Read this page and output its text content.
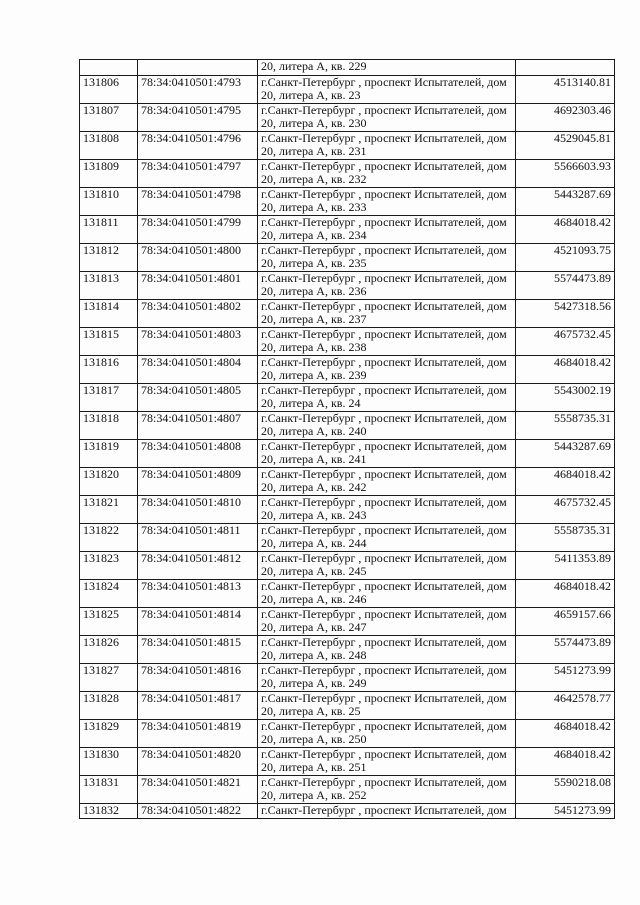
		20, литера А, кв. 229	
131806	78:34:0410501:4793	г.Санкт-Петербург , проспект Испытателей, дом
20, литера А, кв. 23	4513140.81
131807	78:34:0410501:4795	г.Санкт-Петербург , проспект Испытателей, дом
20, литера А, кв. 230	4692303.46
131808	78:34:0410501:4796	г.Санкт-Петербург , проспект Испытателей, дом
20, литера А, кв. 231	4529045.81
131809	78:34:0410501:4797	г.Санкт-Петербург , проспект Испытателей, дом
20, литера А, кв. 232	5566603.93
131810	78:34:0410501:4798	г.Санкт-Петербург , проспект Испытателей, дом
20, литера А, кв. 233	5443287.69
131811	78:34:0410501:4799	г.Санкт-Петербург , проспект Испытателей, дом
20, литера А, кв. 234	4684018.42
131812	78:34:0410501:4800	г.Санкт-Петербург , проспект Испытателей, дом
20, литера А, кв. 235	4521093.75
131813	78:34:0410501:4801	г.Санкт-Петербург , проспект Испытателей, дом
20, литера А, кв. 236	5574473.89
131814	78:34:0410501:4802	г.Санкт-Петербург , проспект Испытателей, дом
20, литера А, кв. 237	5427318.56
131815	78:34:0410501:4803	г.Санкт-Петербург , проспект Испытателей, дом
20, литера А, кв. 238	4675732.45
131816	78:34:0410501:4804	г.Санкт-Петербург , проспект Испытателей, дом
20, литера А, кв. 239	4684018.42
131817	78:34:0410501:4805	г.Санкт-Петербург , проспект Испытателей, дом
20, литера А, кв. 24	5543002.19
131818	78:34:0410501:4807	г.Санкт-Петербург , проспект Испытателей, дом
20, литера А, кв. 240	5558735.31
131819	78:34:0410501:4808	г.Санкт-Петербург , проспект Испытателей, дом
20, литера А, кв. 241	5443287.69
131820	78:34:0410501:4809	г.Санкт-Петербург , проспект Испытателей, дом
20, литера А, кв. 242	4684018.42
131821	78:34:0410501:4810	г.Санкт-Петербург , проспект Испытателей, дом
20, литера А, кв. 243	4675732.45
131822	78:34:0410501:4811	г.Санкт-Петербург , проспект Испытателей, дом
20, литера А, кв. 244	5558735.31
131823	78:34:0410501:4812	г.Санкт-Петербург , проспект Испытателей, дом
20, литера А, кв. 245	5411353.89
131824	78:34:0410501:4813	г.Санкт-Петербург , проспект Испытателей, дом
20, литера А, кв. 246	4684018.42
131825	78:34:0410501:4814	г.Санкт-Петербург , проспект Испытателей, дом
20, литера А, кв. 247	4659157.66
131826	78:34:0410501:4815	г.Санкт-Петербург , проспект Испытателей, дом
20, литера А, кв. 248	5574473.89
131827	78:34:0410501:4816	г.Санкт-Петербург , проспект Испытателей, дом
20, литера А, кв. 249	5451273.99
131828	78:34:0410501:4817	г.Санкт-Петербург , проспект Испытателей, дом
20, литера А, кв. 25	4642578.77
131829	78:34:0410501:4819	г.Санкт-Петербург , проспект Испытателей, дом
20, литера А, кв. 250	4684018.42
131830	78:34:0410501:4820	г.Санкт-Петербург , проспект Испытателей, дом
20, литера А, кв. 251	4684018.42
131831	78:34:0410501:4821	г.Санкт-Петербург , проспект Испытателей, дом
20, литера А, кв. 252	5590218.08
131832	78:34:0410501:4822	г.Санкт-Петербург , проспект Испытателей, дом	5451273.99
